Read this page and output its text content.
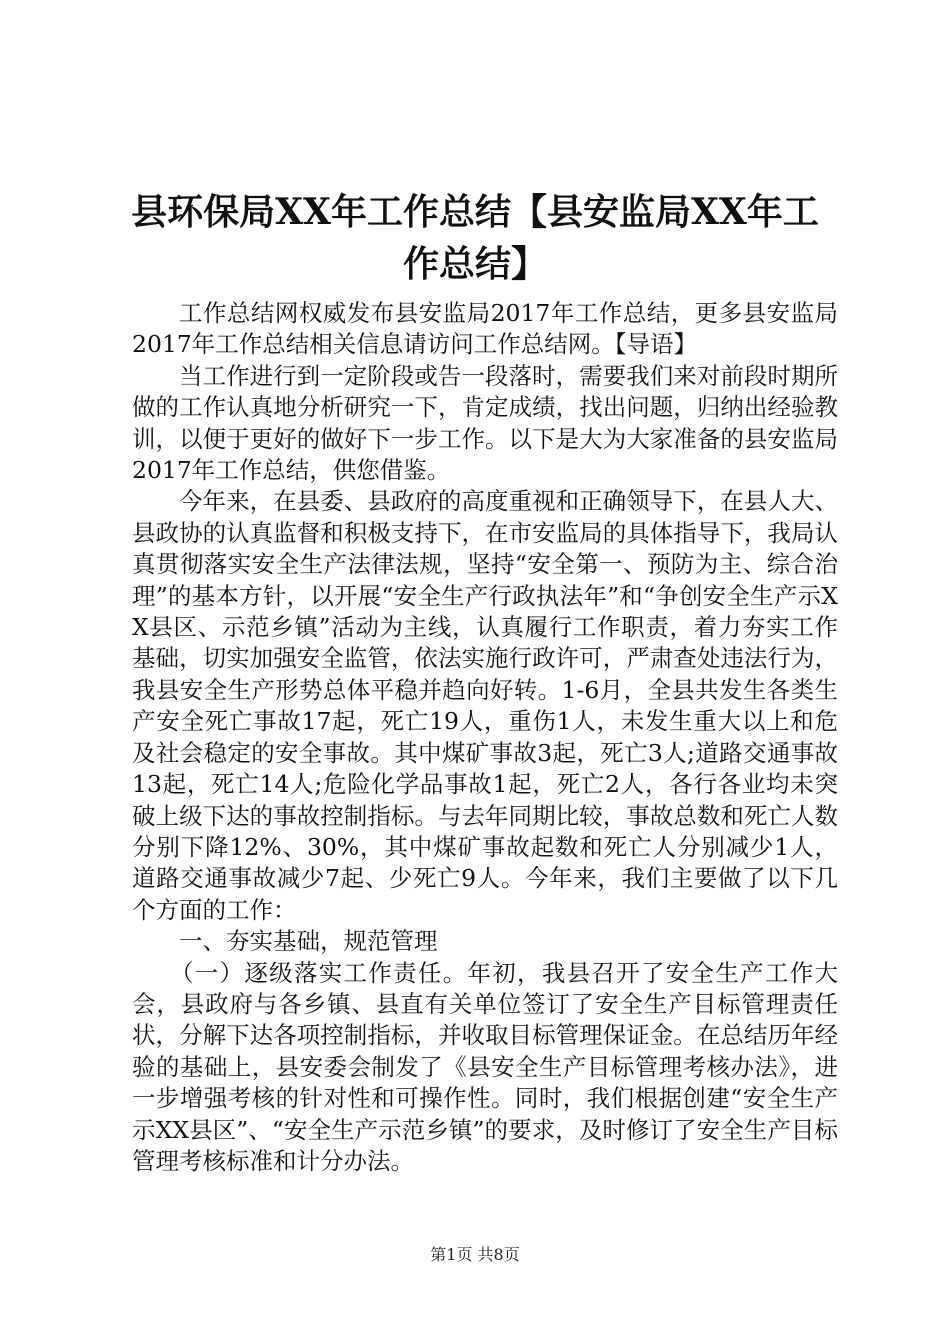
县环保局XX年工作总结【县安监局XX年工作总结】

工作总结网权威发布县安监局2017年工作总结，更多县安监局2017年工作总结相关信息请访问工作总结网。【导语】

当工作进行到一定阶段或告一段落时，需要我们来对前段时期所做的工作认真地分析研究一下，肯定成绩，找出问题，归纳出经验教训，以便于更好的做好下一步工作。以下是大为大家准备的县安监局2017年工作总结，供您借鉴。

今年来，在县委、县政府的高度重视和正确领导下，在县人大、县政协的认真监督和积极支持下，在市安监局的具体指导下，我局认真贯彻落实安全生产法律法规，坚持“安全第一、预防为主、综合治理”的基本方针，以开展“安全生产行政执法年”和“争创安全生产示XX县区、示范乡镇”活动为主线，认真履行工作职责，着力夯实工作基础，切实加强安全监管，依法实施行政许可，严肃查处违法行为，我县安全生产形势总体平稳并趋向好转。1-6月，全县共发生各类生产安全死亡事故17起，死亡19人，重伤1人，未发生重大以上和危及社会稳定的安全事故。其中煤矿事故3起，死亡3人;道路交通事故13起，死亡14人;危险化学品事故1起，死亡2人，各行各业均未突破上级下达的事故控制指标。与去年同期比较，事故总数和死亡人数分别下降12%、30%，其中煤矿事故起数和死亡人分别减少1人，道路交通事故减少7起、少死亡9人。今年来，我们主要做了以下几个方面的工作：

一、夯实基础，规范管理

（一）逐级落实工作责任。年初，我县召开了安全生产工作大会，县政府与各乡镇、县直有关单位签订了安全生产目标管理责任状，分解下达各项控制指标，并收取目标管理保证金。在总结历年经验的基础上，县安委会制发了《县安全生产目标管理考核办法》，进一步增强考核的针对性和可操作性。同时，我们根据创建“安全生产示XX县区”、“安全生产示范乡镇”的要求，及时修订了安全生产目标管理考核标准和计分办法。

第1页 共8页
